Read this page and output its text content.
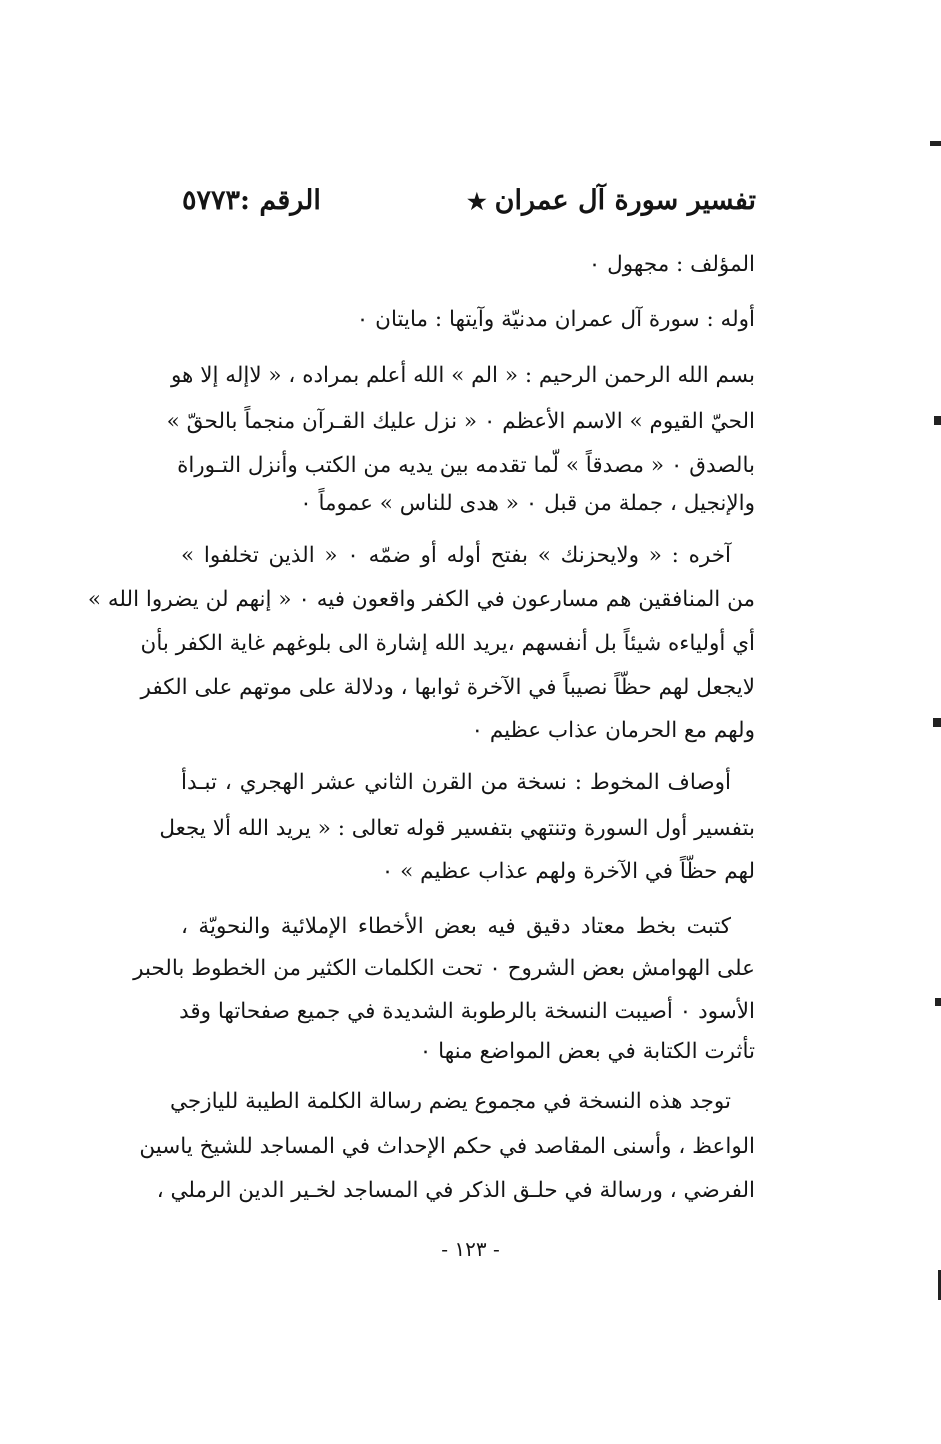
تفسير سورة آل عمران★
الرقم :٥٧٧٣
المؤلف : مجهول ٠
أوله : سورة آل عمران مدنيّة وآيتها : مايتان ٠
بسم الله الرحمن الرحيم : « الم » الله أعلم بمراده ، « لاإله إلا هو
الحيّ القيوم » الاسم الأعظم ٠ « نزل عليك القـرآن منجماً بالحقّ »
بالصدق ٠ « مصدقاً » لّما تقدمه بين يديه من الكتب وأنزل التـوراة
والإنجيل ، جملة من قبل ٠ « هدى للناس » عموماً ٠
آخره : « ولايحزنك » بفتح أوله أو ضمّه ٠ « الذين تخلفوا »
من المنافقين هم مسارعون في الكفر واقعون فيه ٠ « إنهم لن يضروا الله »
أي أولياءه شيئاً بل أنفسهم ،يريد الله إشارة الى بلوغهم غاية الكفر بأن
لايجعل لهم حظّاً نصيباً في الآخرة ثوابها ، ودلالة على موتهم على الكفر
ولهم مع الحرمان عذاب عظيم ٠
أوصاف المخوط : نسخة من القرن الثاني عشر الهجري ، تبـدأ
بتفسير أول السورة وتنتهي بتفسير قوله تعالى : « يريد الله ألا يجعل
لهم حظّاً في الآخرة ولهم عذاب عظيم » ٠
كتبت بخط معتاد دقيق فيه بعض الأخطاء الإملائية والنحويّة ،
على الهوامش بعض الشروح ٠ تحت الكلمات الكثير من الخطوط بالحبر
الأسود ٠ أصيبت النسخة بالرطوبة الشديدة في جميع صفحاتها وقد
تأثرت الكتابة في بعض المواضع منها ٠
توجد هذه النسخة في مجموع يضم رسالة الكلمة الطيبة لليازجي
الواعظ ، وأسنى المقاصد في حكم الإحداث في المساجد للشيخ ياسين
الفرضي ، ورسالة في حلـق الذكر في المساجد لخـير الدين الرملي ،
- ١٢٣ -
